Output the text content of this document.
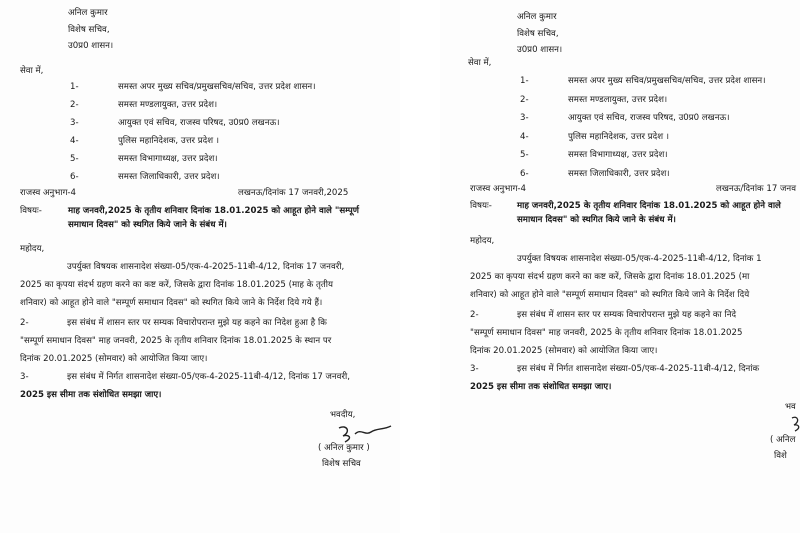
अनिल कुमार
विशेष सचिव,
उ0प्र0 शासन।
सेवा में,
1-	समस्त अपर मुख्य सचिव/प्रमुखसचिव/सचिव, उत्तर प्रदेश शासन।
2-	समस्त मण्डलायुक्त, उत्तर प्रदेश।
3-	आयुक्त एवं सचिव, राजस्व परिषद, उ0प्र0 लखनऊ।
4-	पुलिस महानिदेशक, उत्तर प्रदेश ।
5-	समस्त विभागाध्यक्ष, उत्तर प्रदेश।
6-	समस्त जिलाधिकारी, उत्तर प्रदेश।
राजस्व अनुभाग-4	लखनऊ/दिनांक 17 जनवरी,2025
विषयः-	माह जनवरी,2025 के तृतीय शनिवार दिनांक 18.01.2025 को आहूत होने वाले "सम्पूर्ण
समाधान दिवस" को स्थगित किये जाने के संबंध में।
महोदय,
उपर्युक्त विषयक शासनादेश संख्या-05/एक-4-2025-11बी-4/12, दिनांक 17 जनवरी,
2025 का कृपया संदर्भ ग्रहण करने का कष्ट करें, जिसके द्वारा दिनांक 18.01.2025 (माह के तृतीय
शनिवार) को आहूत होने वाले "सम्पूर्ण समाधान दिवस" को स्थगित किये जाने के निर्देश दिये गये हैं।
2-	इस संबंध में शासन स्तर पर सम्यक विचारोपरान्त मुझे यह कहने का निदेश हुआ है कि
"सम्पूर्ण समाधान दिवस" माह जनवरी, 2025 के तृतीय शनिवार दिनांक 18.01.2025 के स्थान पर
दिनांक 20.01.2025 (सोमवार) को आयोजित किया जाए।
3-	इस संबंध में निर्गत शासनादेश संख्या-05/एक-4-2025-11बी-4/12, दिनांक 17 जनवरी,
2025 इस सीमा तक संशोधित समझा जाए।
भवदीय,
( अनिल कुमार )
विशेष सचिव
अनिल कुमार
विशेष सचिव,
उ0प्र0 शासन।
सेवा में,
1-	समस्त अपर मुख्य सचिव/प्रमुखसचिव/सचिव, उत्तर प्रदेश शासन।
2-	समस्त मण्डलायुक्त, उत्तर प्रदेश।
3-	आयुक्त एवं सचिव, राजस्व परिषद, उ0प्र0 लखनऊ।
4-	पुलिस महानिदेशक, उत्तर प्रदेश ।
5-	समस्त विभागाध्यक्ष, उत्तर प्रदेश।
6-	समस्त जिलाधिकारी, उत्तर प्रदेश।
राजस्व अनुभाग-4	लखनऊ/दिनांक 17 जनव
विषयः-	माह जनवरी,2025 के तृतीय शनिवार दिनांक 18.01.2025 को आहूत होने वाले
समाधान दिवस" को स्थगित किये जाने के संबंध में।
महोदय,
उपर्युक्त विषयक शासनादेश संख्या-05/एक-4-2025-11बी-4/12, दिनांक 1
2025 का कृपया संदर्भ ग्रहण करने का कष्ट करें, जिसके द्वारा दिनांक 18.01.2025 (मा
शनिवार) को आहूत होने वाले "सम्पूर्ण समाधान दिवस" को स्थगित किये जाने के निर्देश दिये
2-	इस संबंध में शासन स्तर पर सम्यक विचारोपरान्त मुझे यह कहने का निदे
"सम्पूर्ण समाधान दिवस" माह जनवरी, 2025 के तृतीय शनिवार दिनांक 18.01.2025
दिनांक 20.01.2025 (सोमवार) को आयोजित किया जाए।
3-	इस संबंध में निर्गत शासनादेश संख्या-05/एक-4-2025-11बी-4/12, दिनांक
2025 इस सीमा तक संशोधित समझा जाए।
भव
( अनिल
विशे
